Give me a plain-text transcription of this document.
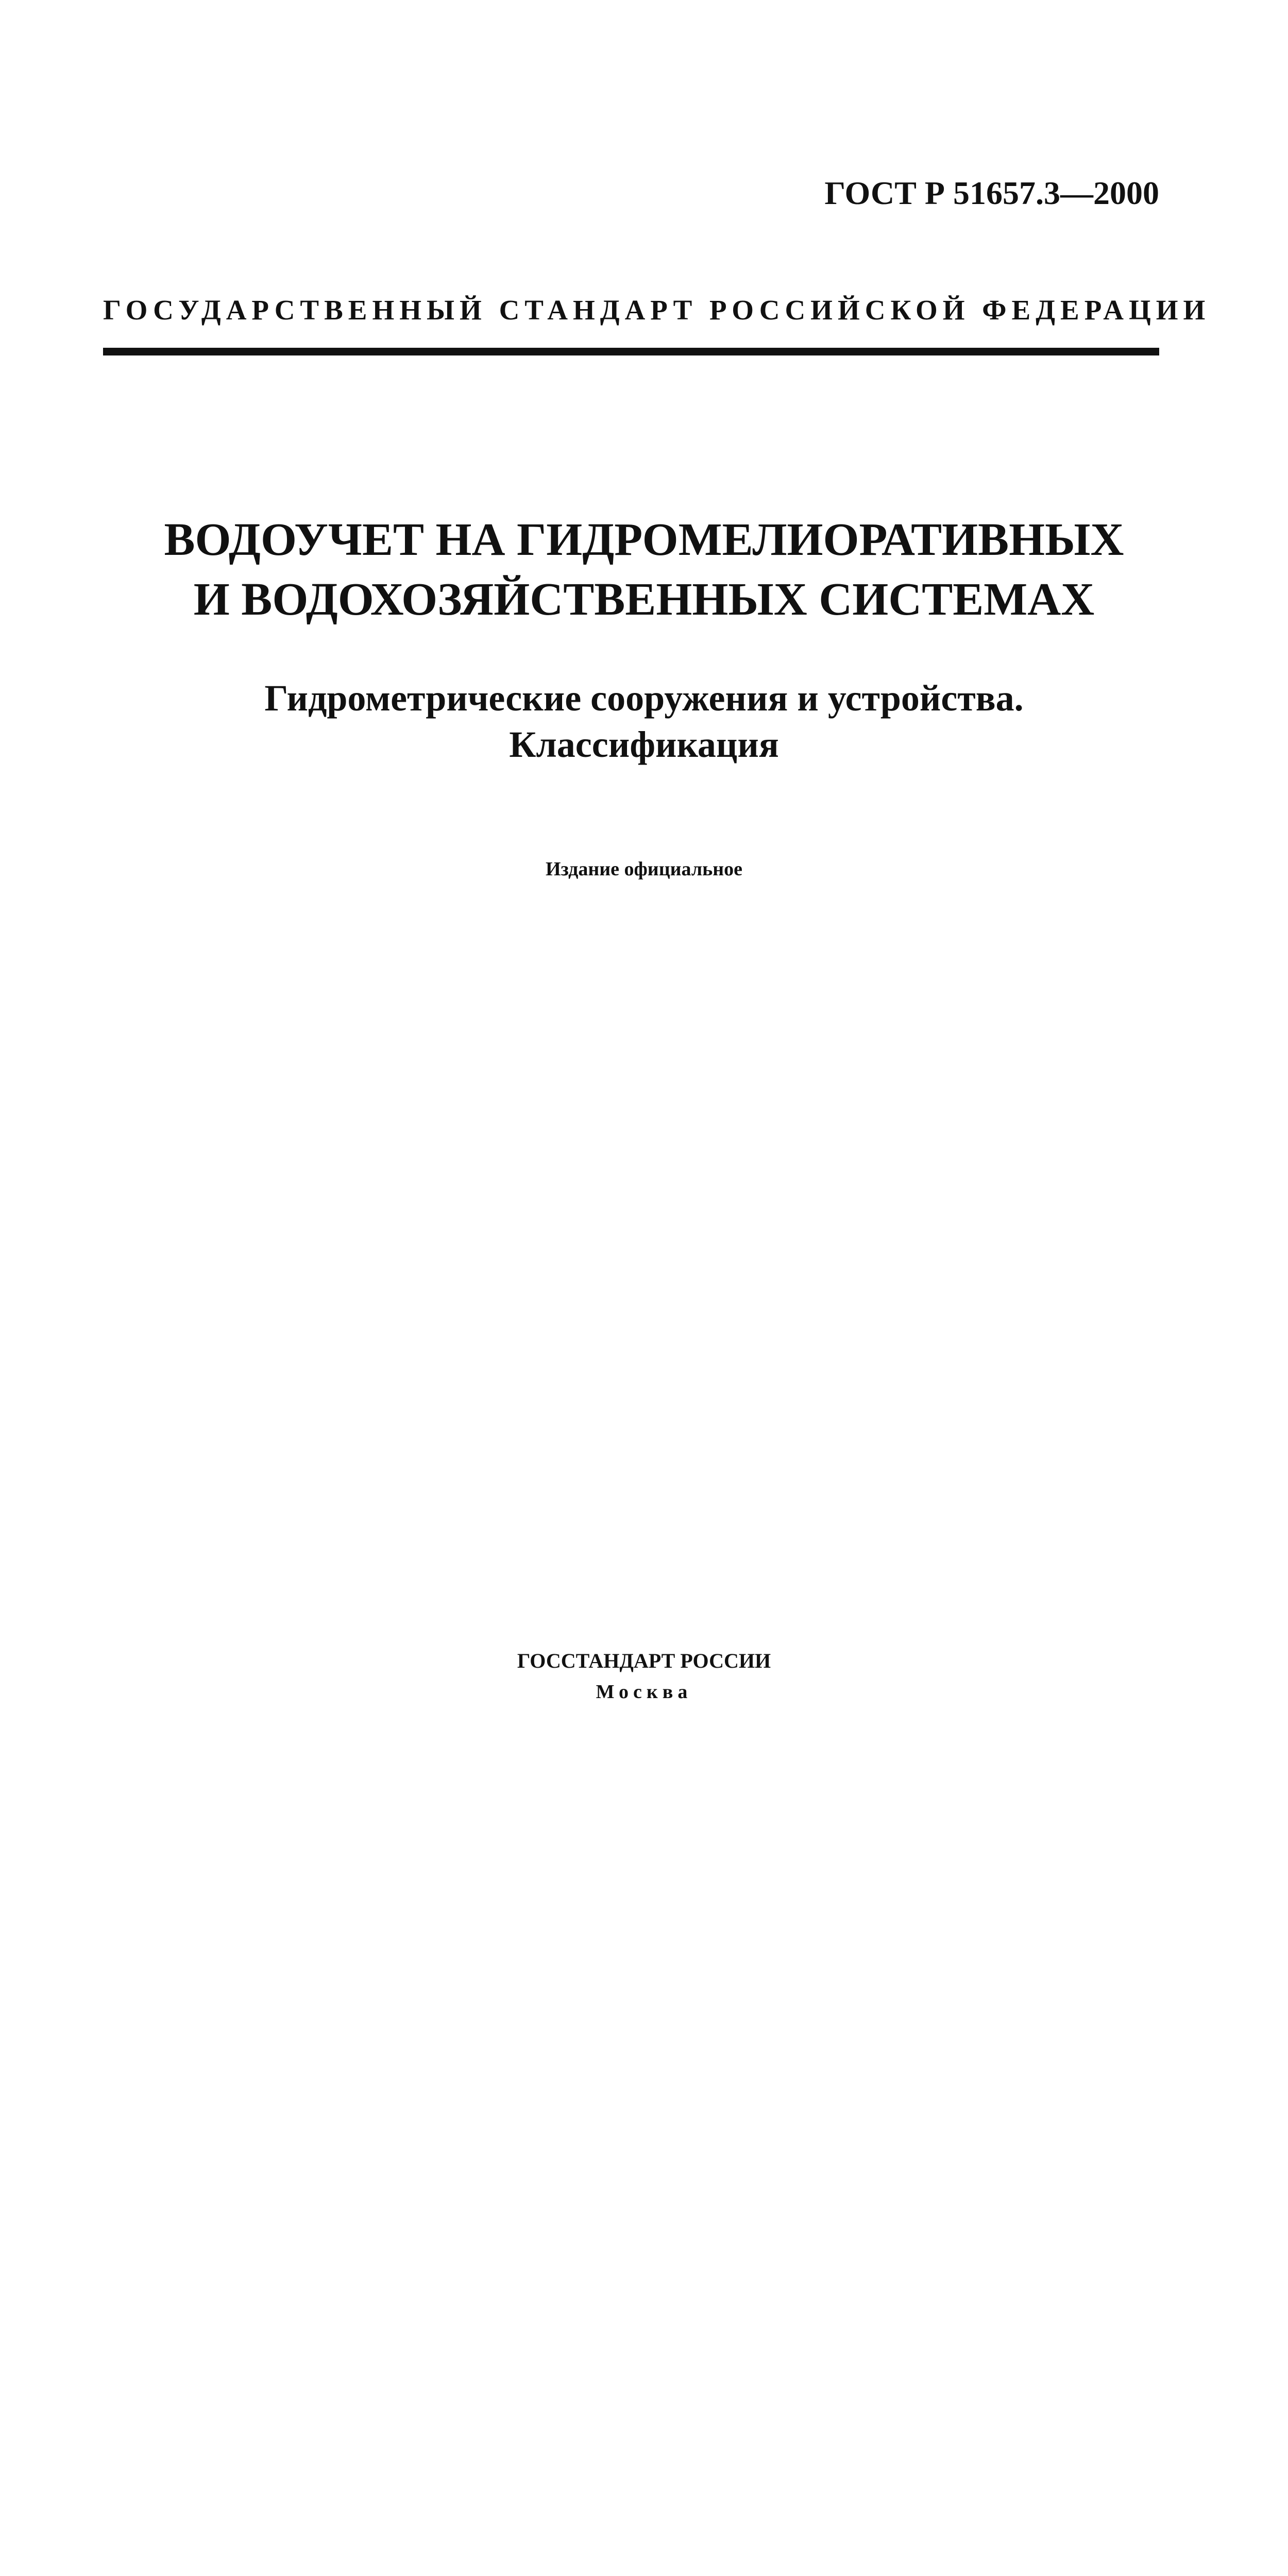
ГОСТ Р 51657.3—2000
ГОСУДАРСТВЕННЫЙ СТАНДАРТ РОССИЙСКОЙ ФЕДЕРАЦИИ
ВОДОУЧЕТ НА ГИДРОМЕЛИОРАТИВНЫХ
И ВОДОХОЗЯЙСТВЕННЫХ СИСТЕМАХ
Гидрометрические сооружения и устройства.
Классификация
Издание официальное
ГОССТАНДАРТ РОССИИ
Москва
